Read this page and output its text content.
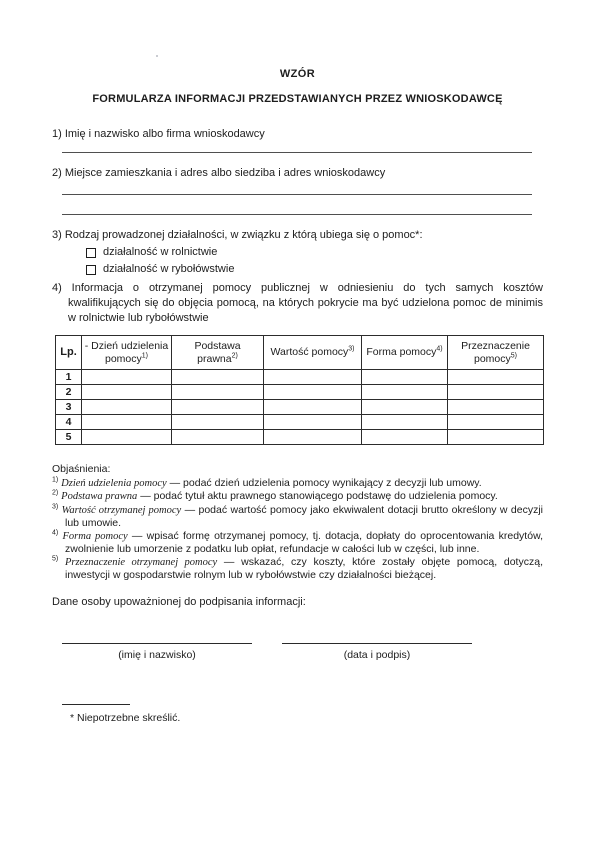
WZÓR
FORMULARZA INFORMACJI PRZEDSTAWIANYCH PRZEZ WNIOSKODAWCĘ
1) Imię i nazwisko albo firma wnioskodawcy
2) Miejsce zamieszkania i adres albo siedziba i adres wnioskodawcy
3) Rodzaj prowadzonej działalności, w związku z którą ubiega się o pomoc*:
działalność w rolnictwie
działalność w rybołówstwie
4) Informacja o otrzymanej pomocy publicznej w odniesieniu do tych samych kosztów kwalifikujących się do objęcia pomocą, na których pokrycie ma być udzielona pomoc de minimis w rolnictwie lub rybołówstwie
Lp.	- Dzień udzielenia pomocy$^{1)}$	Podstawa prawna$^{2)}$	Wartość pomocy$^{3)}$	Forma pomocy$^{4)}$	Przeznaczenie pomocy$^{5)}$
1					
2					
3					
4					
5					
Objaśnienia:
$^{1)}$ Dzień udzielenia pomocy — podać dzień udzielenia pomocy wynikający z decyzji lub umowy.
$^{2)}$ Podstawa prawna — podać tytuł aktu prawnego stanowiącego podstawę do udzielenia pomocy.
$^{3)}$ Wartość otrzymanej pomocy — podać wartość pomocy jako ekwiwalent dotacji brutto określony w decyzji lub umowie.
$^{4)}$ Forma pomocy — wpisać formę otrzymanej pomocy, tj. dotacja, dopłaty do oprocentowania kredytów, zwolnienie lub umorzenie z podatku lub opłat, refundacje w całości lub w części, lub inne.
$^{5)}$ Przeznaczenie otrzymanej pomocy — wskazać, czy koszty, które zostały objęte pomocą, dotyczą, inwestycji w gospodarstwie rolnym lub w rybołówstwie czy działalności bieżącej.
Dane osoby upoważnionej do podpisania informacji:
(imię i nazwisko)	(data i podpis)
* Niepotrzebne skreślić.
